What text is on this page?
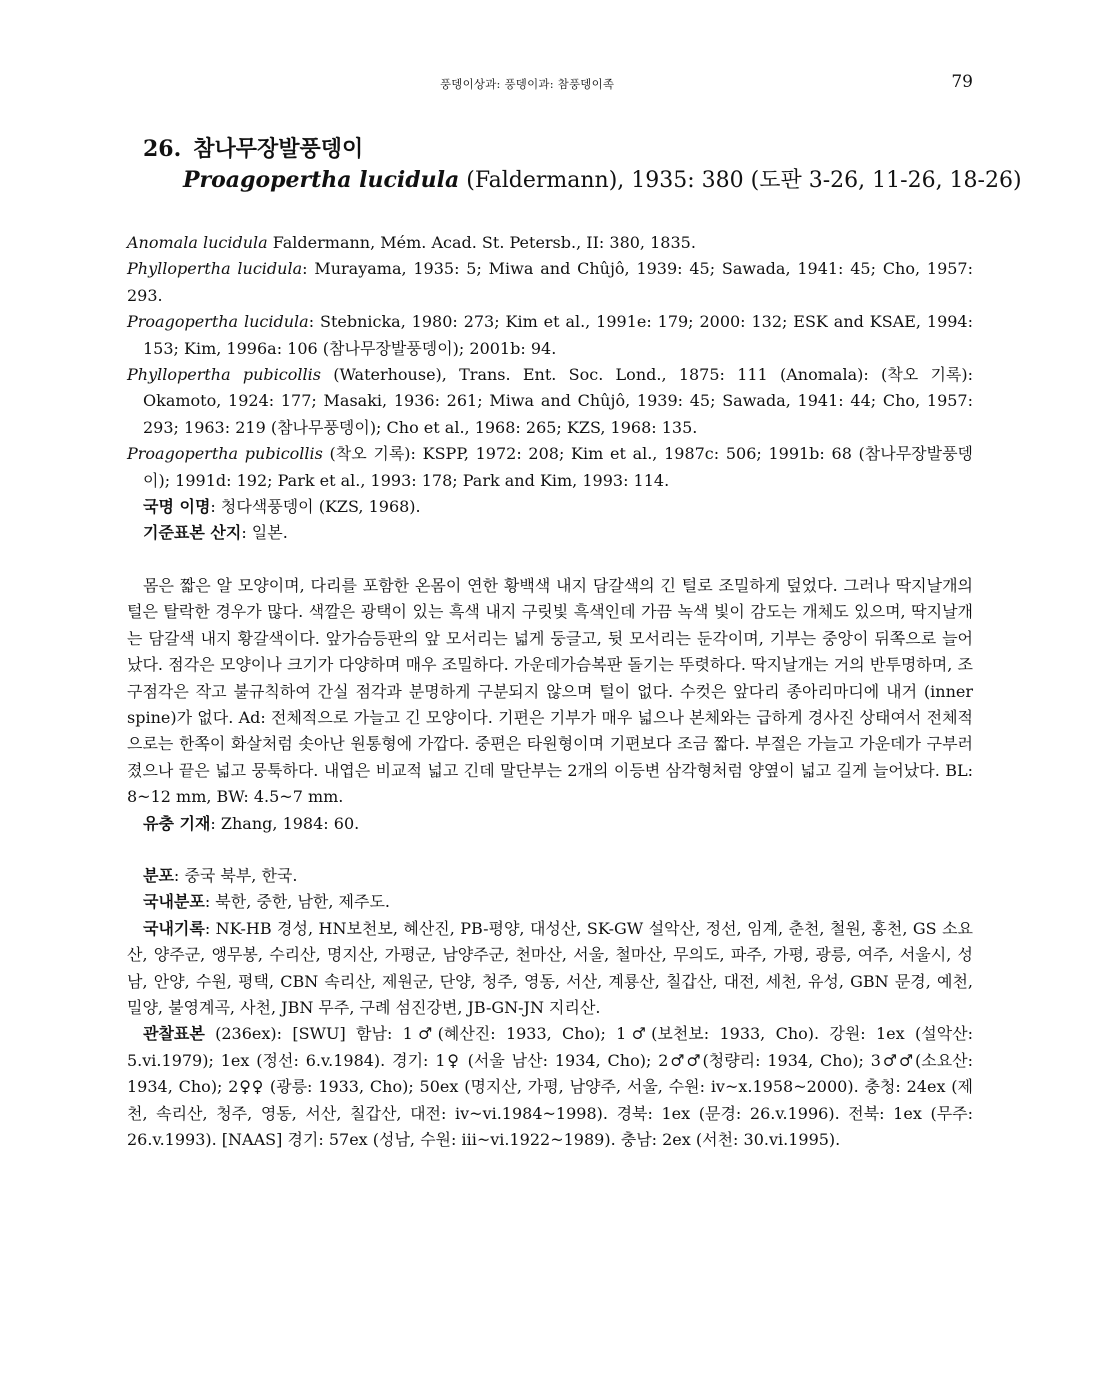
풍뎅이상과: 풍뎅이과: 참풍뎅이족	79
26. 참나무장발풍뎅이
Proagopertha lucidula (Faldermann), 1935: 380 (도판 3-26, 11-26, 18-26)

Anomala lucidula Faldermann, Mém. Acad. St. Petersb., II: 380, 1835.

Phyllopertha lucidula: Murayama, 1935: 5; Miwa and Chûjô, 1939: 45; Sawada, 1941: 45; Cho, 1957: 293.

Proagopertha lucidula: Stebnicka, 1980: 273; Kim et al., 1991e: 179; 2000: 132; ESK and KSAE, 1994: 153; Kim, 1996a: 106 (참나무장발풍뎅이); 2001b: 94.

Phyllopertha pubicollis (Waterhouse), Trans. Ent. Soc. Lond., 1875: 111 (Anomala): (착오 기록): Okamoto, 1924: 177; Masaki, 1936: 261; Miwa and Chûjô, 1939: 45; Sawada, 1941: 44; Cho, 1957: 293; 1963: 219 (참나무풍뎅이); Cho et al., 1968: 265; KZS, 1968: 135.

Proagopertha pubicollis (착오 기록): KSPP, 1972: 208; Kim et al., 1987c: 506; 1991b: 68 (참나무장발풍뎅이); 1991d: 192; Park et al., 1993: 178; Park and Kim, 1993: 114.

국명 이명: 청다색풍뎅이 (KZS, 1968).

기준표본 산지: 일본.

몸은 짧은 알 모양이며, 다리를 포함한 온몸이 연한 황백색 내지 담갈색의 긴 털로 조밀하게 덮었다. 그러나 딱지날개의 털은 탈락한 경우가 많다. 색깔은 광택이 있는 흑색 내지 구릿빛 흑색인데 가끔 녹색 빛이 감도는 개체도 있으며, 딱지날개는 담갈색 내지 황갈색이다. 앞가슴등판의 앞 모서리는 넓게 둥글고, 뒷 모서리는 둔각이며, 기부는 중앙이 뒤쪽으로 늘어났다. 점각은 모양이나 크기가 다양하며 매우 조밀하다. 가운데가슴복판 돌기는 뚜렷하다. 딱지날개는 거의 반투명하며, 조구점각은 작고 불규칙하여 간실 점각과 분명하게 구분되지 않으며 털이 없다. 수컷은 앞다리 종아리마디에 내거 (inner spine)가 없다. Ad: 전체적으로 가늘고 긴 모양이다. 기편은 기부가 매우 넓으나 본체와는 급하게 경사진 상태여서 전체적으로는 한쪽이 화살처럼 솟아난 원통형에 가깝다. 중편은 타원형이며 기편보다 조금 짧다. 부절은 가늘고 가운데가 구부러졌으나 끝은 넓고 뭉툭하다. 내엽은 비교적 넓고 긴데 말단부는 2개의 이등변 삼각형처럼 양옆이 넓고 길게 늘어났다. BL: 8~12 mm, BW: 4.5~7 mm.

유충 기재: Zhang, 1984: 60.

분포: 중국 북부, 한국.

국내분포: 북한, 중한, 남한, 제주도.

국내기록: NK-HB 경성, HN보천보, 혜산진, PB-평양, 대성산, SK-GW 설악산, 정선, 임계, 춘천, 철원, 홍천, GS 소요산, 양주군, 앵무봉, 수리산, 명지산, 가평군, 남양주군, 천마산, 서울, 철마산, 무의도, 파주, 가평, 광릉, 여주, 서울시, 성남, 안양, 수원, 평택, CBN 속리산, 제원군, 단양, 청주, 영동, 서산, 계룡산, 칠갑산, 대전, 세천, 유성, GBN 문경, 예천, 밀양, 불영계곡, 사천, JBN 무주, 구례 섬진강변, JB-GN-JN 지리산.

관찰표본 (236ex): [SWU] 함남: 1♂(혜산진: 1933, Cho); 1♂(보천보: 1933, Cho). 강원: 1ex (설악산: 5.vi.1979); 1ex (정선: 6.v.1984). 경기: 1♀ (서울 남산: 1934, Cho); 2♂♂(청량리: 1934, Cho); 3♂♂(소요산: 1934, Cho); 2♀♀ (광릉: 1933, Cho); 50ex (명지산, 가평, 남양주, 서울, 수원: iv~x.1958~2000). 충청: 24ex (제천, 속리산, 청주, 영동, 서산, 칠갑산, 대전: iv~vi.1984~1998). 경북: 1ex (문경: 26.v.1996). 전북: 1ex (무주: 26.v.1993). [NAAS] 경기: 57ex (성남, 수원: iii~vi.1922~1989). 충남: 2ex (서천: 30.vi.1995).
